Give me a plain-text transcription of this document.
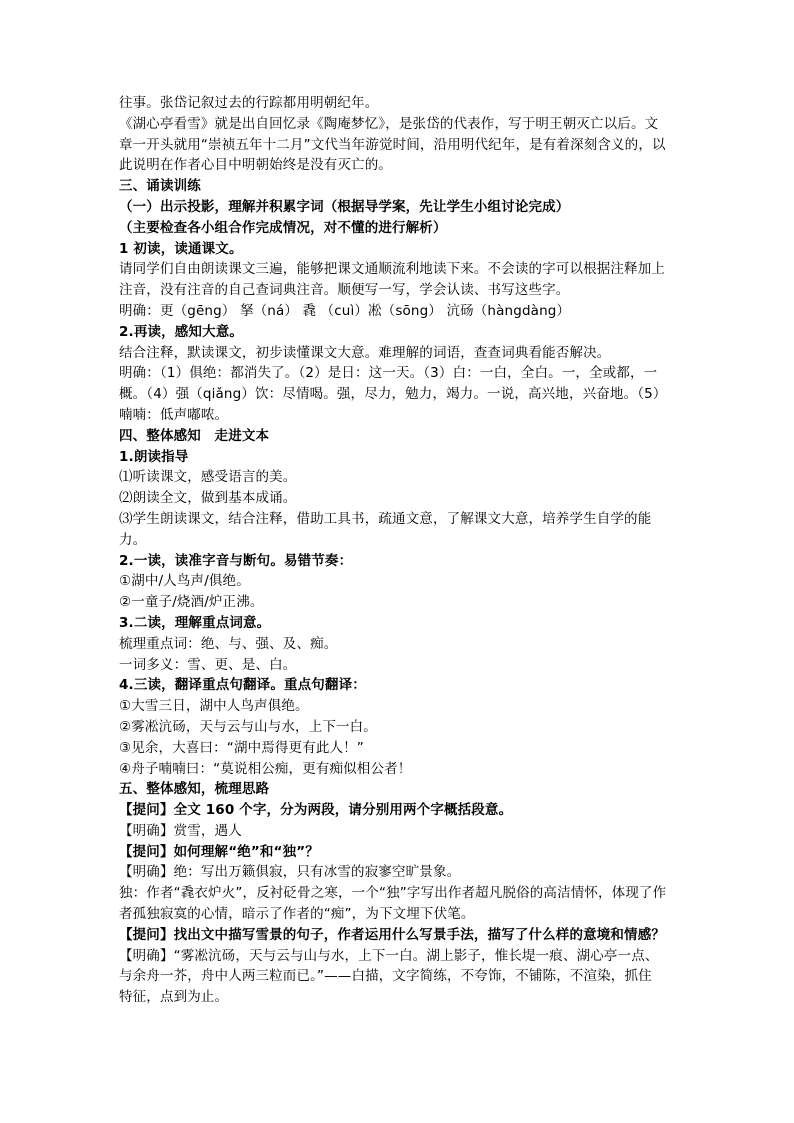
往事。张岱记叙过去的行踪都用明朝纪年。
《湖心亭看雪》就是出自回忆录《陶庵梦忆》，是张岱的代表作，写于明王朝灭亡以后。文
章一开头就用“崇祯五年十二月”文代当年游觉时间，沿用明代纪年，是有着深刻含义的，以
此说明在作者心目中明朝始终是没有灭亡的。
三、诵读训练
（一）出示投影，理解并积累字词（根据导学案，先让学生小组讨论完成）
（主要检查各小组合作完成情况，对不懂的进行解析）
1 初读，读通课文。
请同学们自由朗读课文三遍，能够把课文通顺流利地读下来。不会读的字可以根据注释加上
注音，没有注音的自己查词典注音。顺便写一写，学会认读、书写这些字。
明确：更（gēng） 拏（ná） 毳 （cuì）凇（sōng） 沆砀（hàngdàng）
2.再读，感知大意。
结合注释，默读课文，初步读懂课文大意。难理解的词语，查查词典看能否解决。
明确：（1）俱绝：都消失了。（2）是日：这一天。（3）白：一白，全白。一，全或都，一
概。（4）强（qiǎng）饮：尽情喝。强，尽力，勉力，竭力。一说，高兴地，兴奋地。（5）
喃喃：低声嘟哝。
四、整体感知　走进文本
1.朗读指导
⑴听读课文，感受语言的美。
⑵朗读全文，做到基本成诵。
⑶学生朗读课文，结合注释，借助工具书，疏通文意，了解课文大意，培养学生自学的能
力。
2.一读，读准字音与断句。易错节奏：
①湖中/人鸟声/俱绝。
②一童子/烧酒/炉正沸。
3.二读，理解重点词意。
梳理重点词：绝、与、强、及、痴。
一词多义：雪、更、是、白。
4.三读，翻译重点句翻译。重点句翻译：
①大雪三日，湖中人鸟声俱绝。
②雾凇沆砀，天与云与山与水，上下一白。
③见余，大喜曰：“湖中焉得更有此人！”
④舟子喃喃曰：“莫说相公痴，更有痴似相公者！
五、整体感知，梳理思路
【提问】全文 160 个字，分为两段，请分别用两个字概括段意。
【明确】赏雪，遇人
【提问】如何理解“绝”和“独”？
【明确】绝：写出万籁俱寂，只有冰雪的寂寥空旷景象。
独：作者“毳衣炉火”，反衬砭骨之寒，一个“独”字写出作者超凡脱俗的高洁情怀，体现了作
者孤独寂寞的心情，暗示了作者的“痴”，为下文埋下伏笔。
【提问】找出文中描写雪景的句子，作者运用什么写景手法，描写了什么样的意境和情感？
【明确】“雾凇沆砀，天与云与山与水，上下一白。湖上影子，惟长堤一痕、湖心亭一点、
与余舟一芥，舟中人两三粒而已。”——白描，文字简练，不夸饰，不铺陈，不渲染，抓住
特征，点到为止。
